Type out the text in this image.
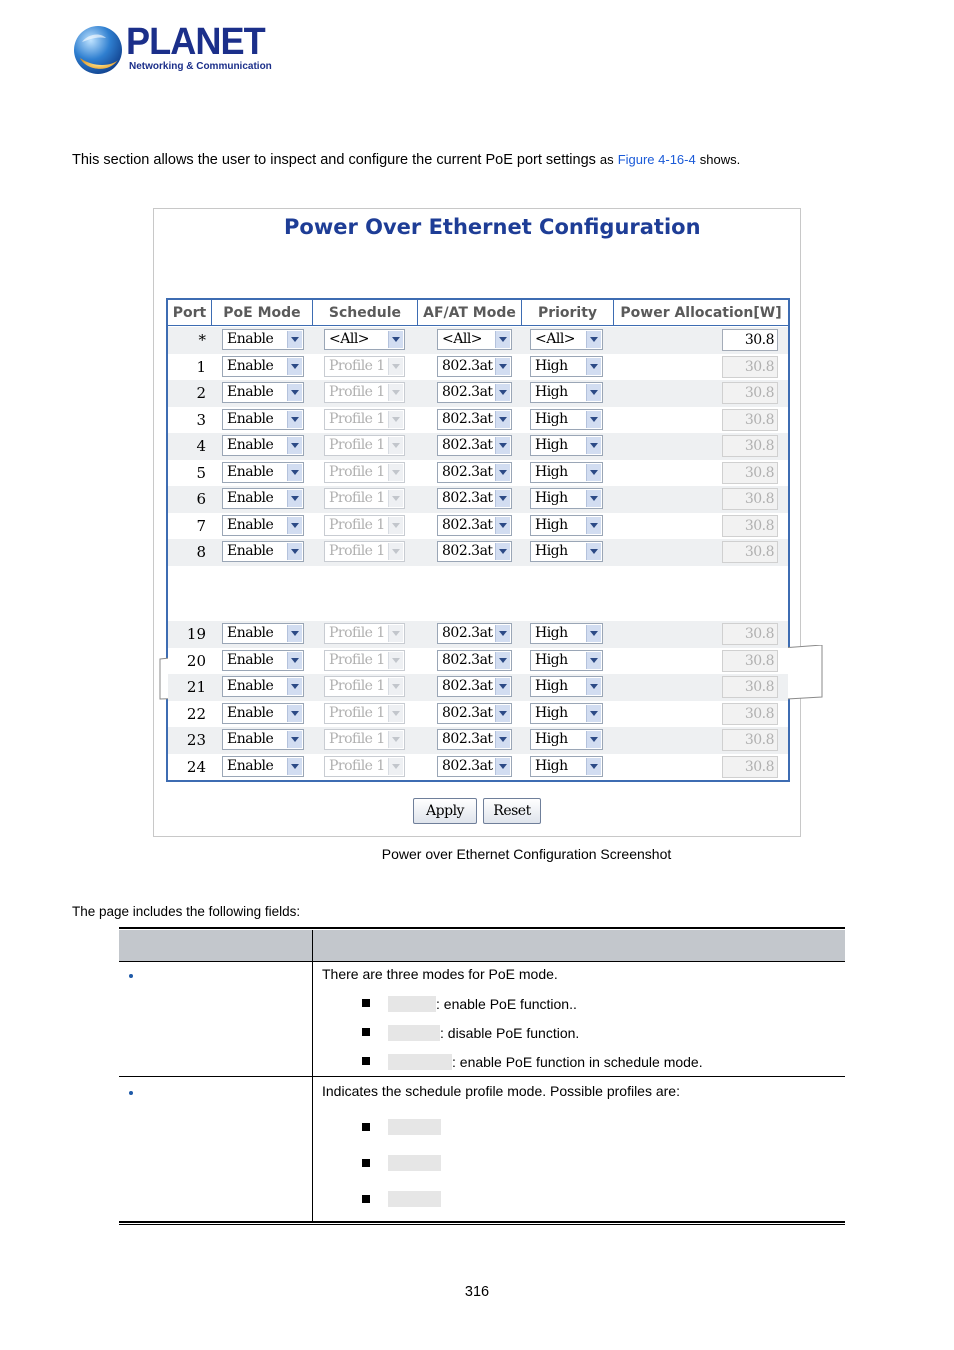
PLANET
Networking & Communication
This section allows the user to inspect and configure the current PoE port settings as Figure 4-16-4 shows.
Power Over Ethernet Configuration
Port	PoE Mode	Schedule	AF/AT Mode	Priority	Power Allocation[W]
*	Enable	<All>	<All>	<All>	30.8
1	Enable	Profile 1	802.3at	High	30.8
2	Enable	Profile 1	802.3at	High	30.8
3	Enable	Profile 1	802.3at	High	30.8
4	Enable	Profile 1	802.3at	High	30.8
5	Enable	Profile 1	802.3at	High	30.8
6	Enable	Profile 1	802.3at	High	30.8
7	Enable	Profile 1	802.3at	High	30.8
8	Enable	Profile 1	802.3at	High	30.8
19	Enable	Profile 1	802.3at	High	30.8
20	Enable	Profile 1	802.3at	High	30.8
21	Enable	Profile 1	802.3at	High	30.8
22	Enable	Profile 1	802.3at	High	30.8
23	Enable	Profile 1	802.3at	High	30.8
24	Enable	Profile 1	802.3at	High	30.8
Apply	Reset
Power over Ethernet Configuration Screenshot
The page includes the following fields:
There are three modes for PoE mode.
: enable PoE function..
: disable PoE function.
: enable PoE function in schedule mode.
Indicates the schedule profile mode. Possible profiles are:
316
